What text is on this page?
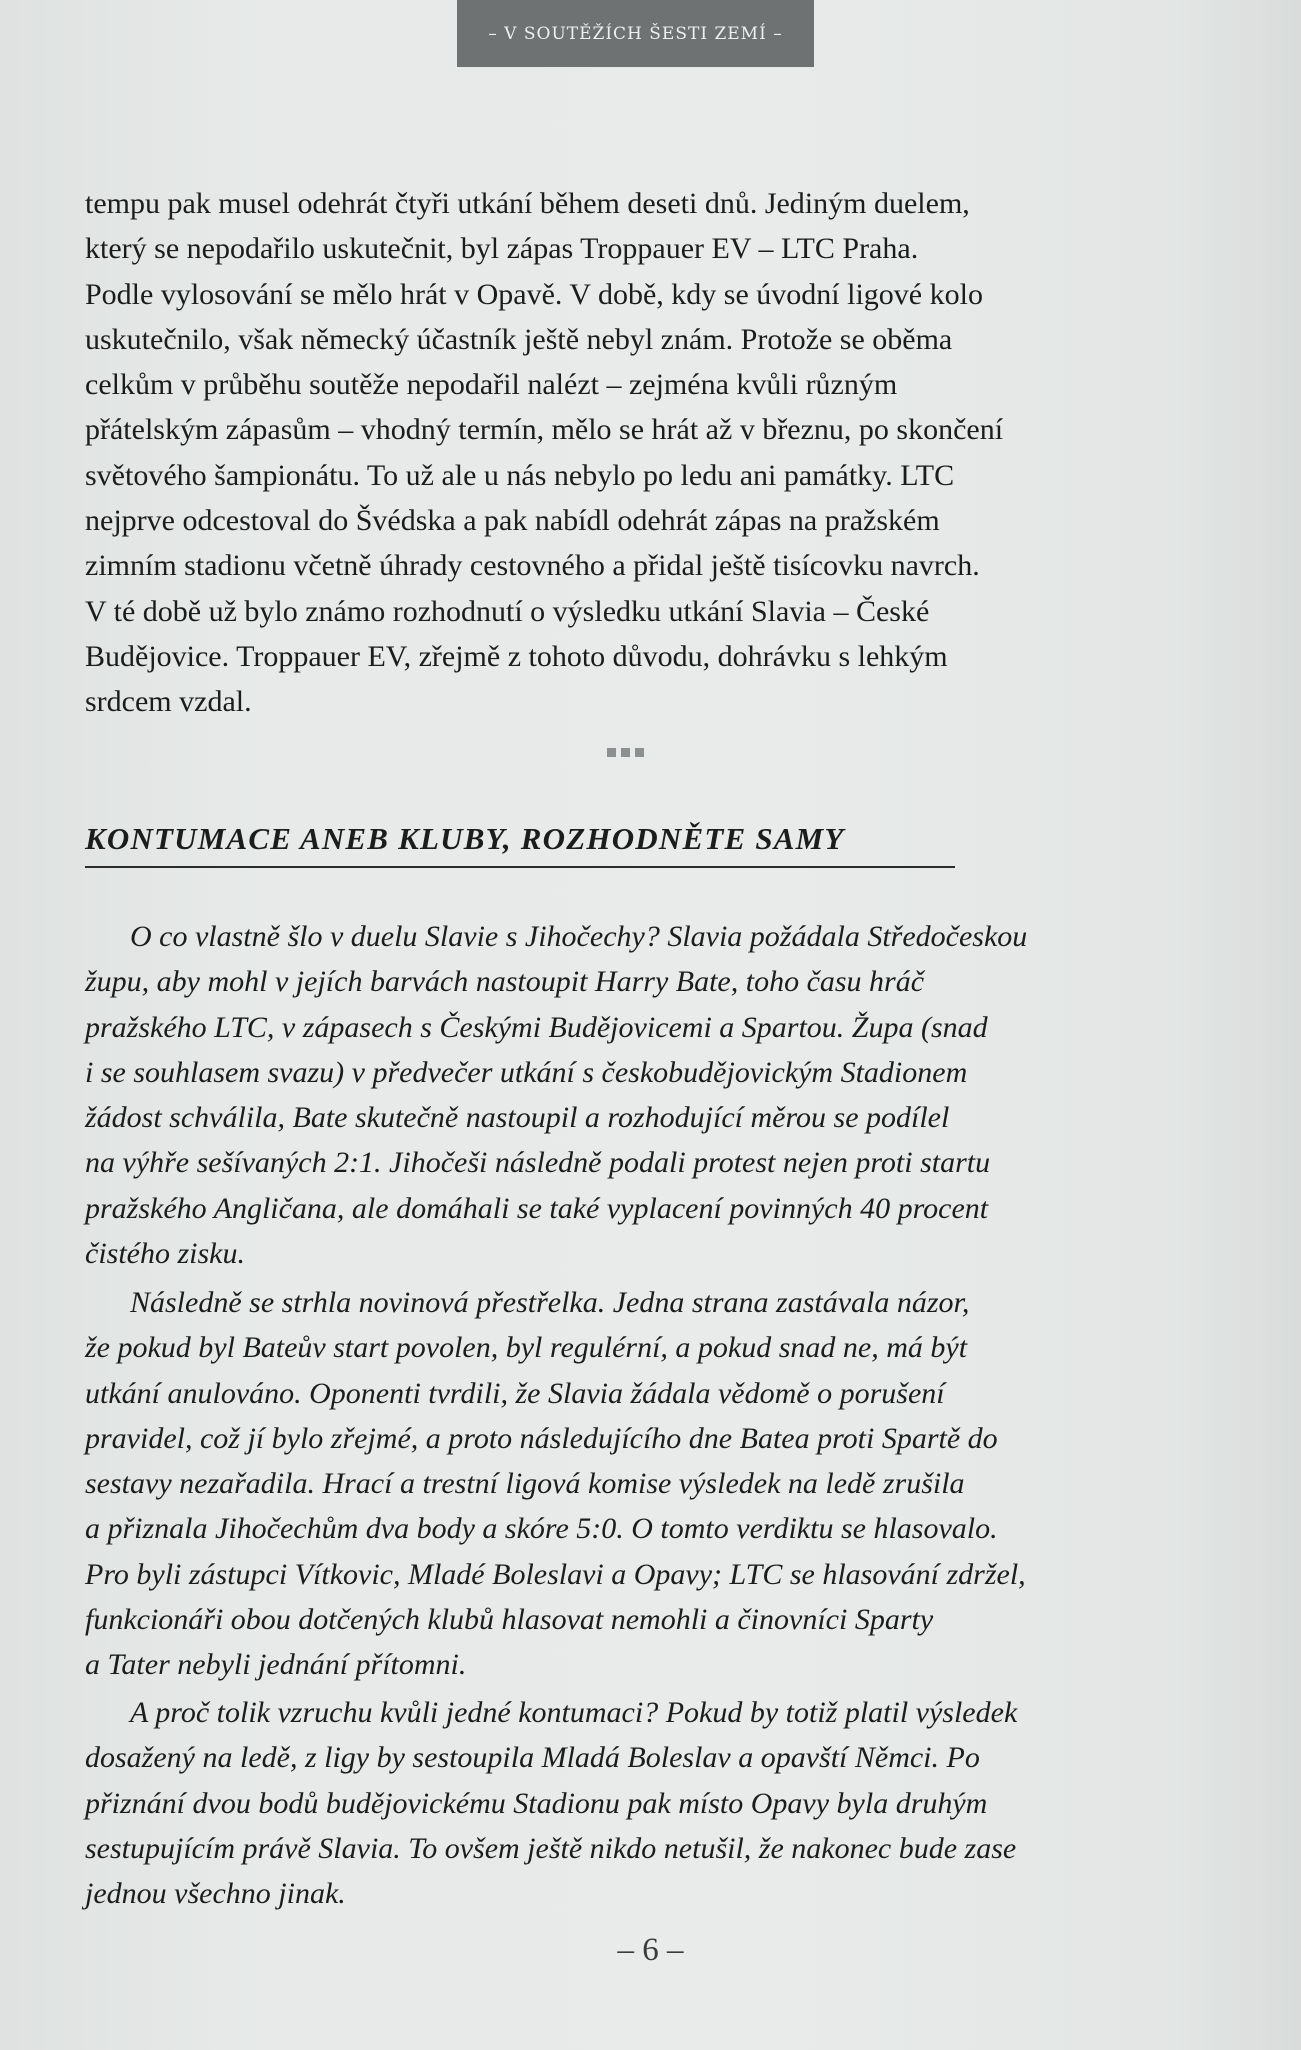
– V SOUTĚŽÍCH ŠESTI ZEMÍ –
tempu pak musel odehrát čtyři utkání během deseti dnů. Jediným duelem,
který se nepodařilo uskutečnit, byl zápas Troppauer EV – LTC Praha.
Podle vylosování se mělo hrát v Opavě. V době, kdy se úvodní ligové kolo
uskutečnilo, však německý účastník ještě nebyl znám. Protože se oběma
celkům v průběhu soutěže nepodařil nalézt – zejména kvůli různým
přátelským zápasům – vhodný termín, mělo se hrát až v březnu, po skončení
světového šampionátu. To už ale u nás nebylo po ledu ani památky. LTC
nejprve odcestoval do Švédska a pak nabídl odehrát zápas na pražském
zimním stadionu včetně úhrady cestovného a přidal ještě tisícovku navrch.
V té době už bylo známo rozhodnutí o výsledku utkání Slavia – České
Budějovice. Troppauer EV, zřejmě z tohoto důvodu, dohrávku s lehkým
srdcem vzdal.
KONTUMACE ANEB KLUBY, ROZHODNĚTE SAMY
O co vlastně šlo v duelu Slavie s Jihočechy? Slavia požádala Středočeskou
župu, aby mohl v jejích barvách nastoupit Harry Bate, toho času hráč
pražského LTC, v zápasech s Českými Budějovicemi a Spartou. Župa (snad
i se souhlasem svazu) v předvečer utkání s českobudějovickým Stadionem
žádost schválila, Bate skutečně nastoupil a rozhodující měrou se podílel
na výhře sešívaných 2:1. Jihočeši následně podali protest nejen proti startu
pražského Angličana, ale domáhali se také vyplacení povinných 40 procent
čistého zisku.
Následně se strhla novinová přestřelka. Jedna strana zastávala názor,
že pokud byl Bateův start povolen, byl regulérní, a pokud snad ne, má být
utkání anulováno. Oponenti tvrdili, že Slavia žádala vědomě o porušení
pravidel, což jí bylo zřejmé, a proto následujícího dne Batea proti Spartě do
sestavy nezařadila. Hrací a trestní ligová komise výsledek na ledě zrušila
a přiznala Jihočechům dva body a skóre 5:0. O tomto verdiktu se hlasovalo.
Pro byli zástupci Vítkovic, Mladé Boleslavi a Opavy; LTC se hlasování zdržel,
funkcionáři obou dotčených klubů hlasovat nemohli a činovníci Sparty
a Tater nebyli jednání přítomni.
A proč tolik vzruchu kvůli jedné kontumaci? Pokud by totiž platil výsledek
dosažený na ledě, z ligy by sestoupila Mladá Boleslav a opavští Němci. Po
přiznání dvou bodů budějovickému Stadionu pak místo Opavy byla druhým
sestupujícím právě Slavia. To ovšem ještě nikdo netušil, že nakonec bude zase
jednou všechno jinak.
– 6 –
